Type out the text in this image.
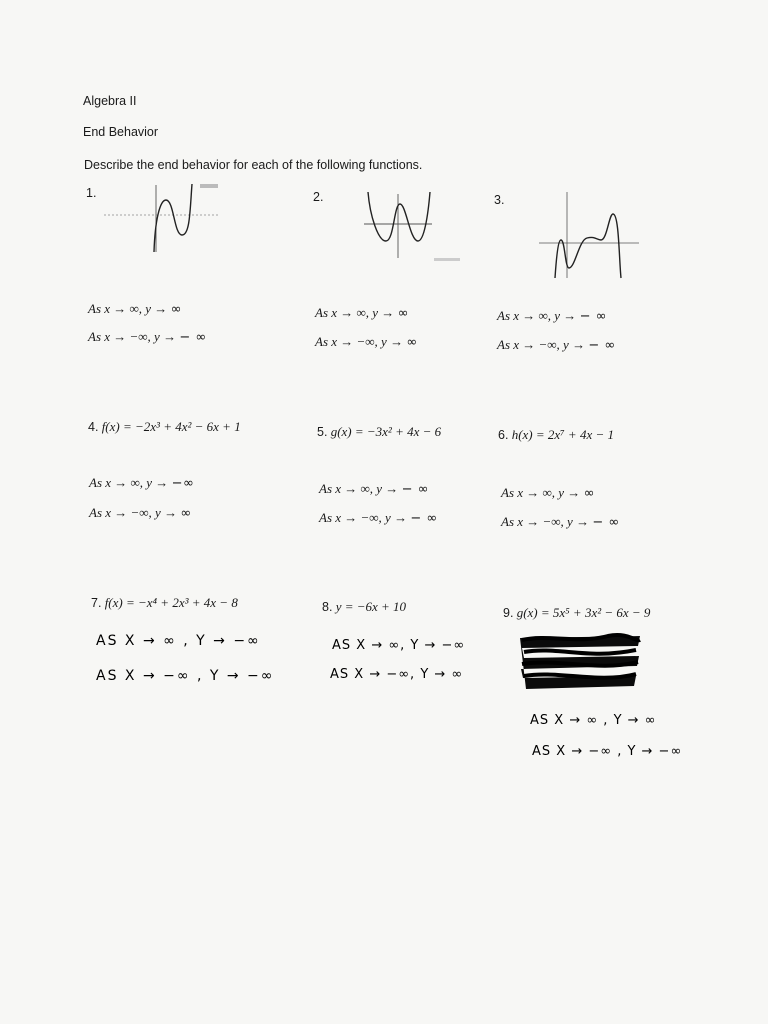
Algebra II
End Behavior
Describe the end behavior for each of the following functions.
1.
As x → ∞, y → ∞
As x → −∞, y → − ∞
2.
As x → ∞, y → ∞
As x → −∞, y → ∞
3.
As x → ∞, y → − ∞
As x → −∞, y → − ∞
4. f(x) = −2x³ + 4x² − 6x + 1
As x → ∞, y → −∞
As x → −∞, y → ∞
5. g(x) = −3x² + 4x − 6
As x → ∞, y → − ∞
As x → −∞, y → − ∞
6. h(x) = 2x⁷ + 4x − 1
As x → ∞, y → ∞
As x → −∞, y → − ∞
7. f(x) = −x⁴ + 2x³ + 4x − 8
AS X → ∞ , Y → −∞
AS X → −∞ , Y → −∞
8. y = −6x + 10
AS X → ∞, Y → −∞
AS X → −∞, Y → ∞
9. g(x) = 5x⁵ + 3x² − 6x − 9
AS X → ∞ , Y → ∞
AS X → −∞ , Y → −∞
